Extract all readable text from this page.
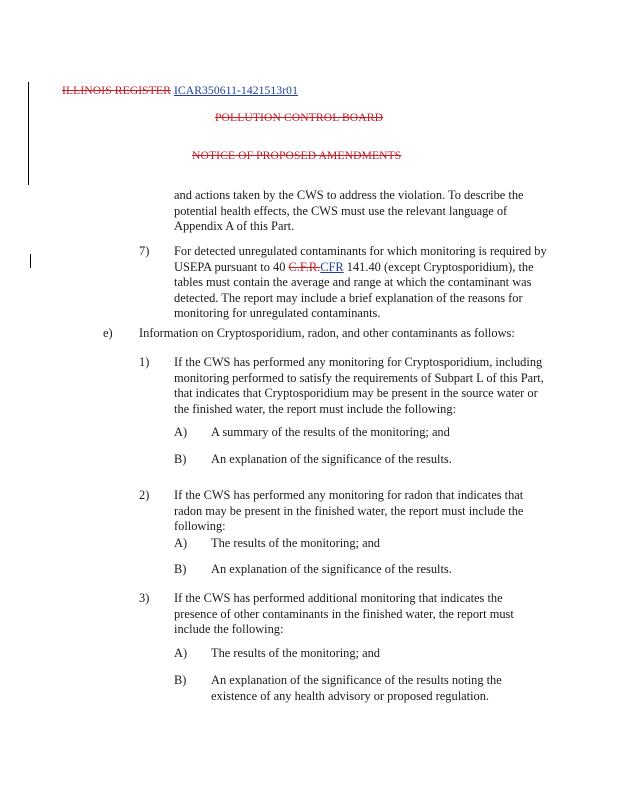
ILLINOIS REGISTER ICAR350611-1421513r01
POLLUTION CONTROL BOARD
NOTICE OF PROPOSED AMENDMENTS
and actions taken by the CWS to address the violation. To describe the
potential health effects, the CWS must use the relevant language of
Appendix A of this Part.
7) For detected unregulated contaminants for which monitoring is required by
USEPA pursuant to 40 C.F.R.CFR 141.40 (except Cryptosporidium), the
tables must contain the average and range at which the contaminant was
detected. The report may include a brief explanation of the reasons for
monitoring for unregulated contaminants.
e) Information on Cryptosporidium, radon, and other contaminants as follows:
1) If the CWS has performed any monitoring for Cryptosporidium, including
monitoring performed to satisfy the requirements of Subpart L of this Part,
that indicates that Cryptosporidium may be present in the source water or
the finished water, the report must include the following:
A) A summary of the results of the monitoring; and
B) An explanation of the significance of the results.
2) If the CWS has performed any monitoring for radon that indicates that
radon may be present in the finished water, the report must include the
following:
A) The results of the monitoring; and
B) An explanation of the significance of the results.
3) If the CWS has performed additional monitoring that indicates the
presence of other contaminants in the finished water, the report must
include the following:
A) The results of the monitoring; and
B) An explanation of the significance of the results noting the
existence of any health advisory or proposed regulation.
